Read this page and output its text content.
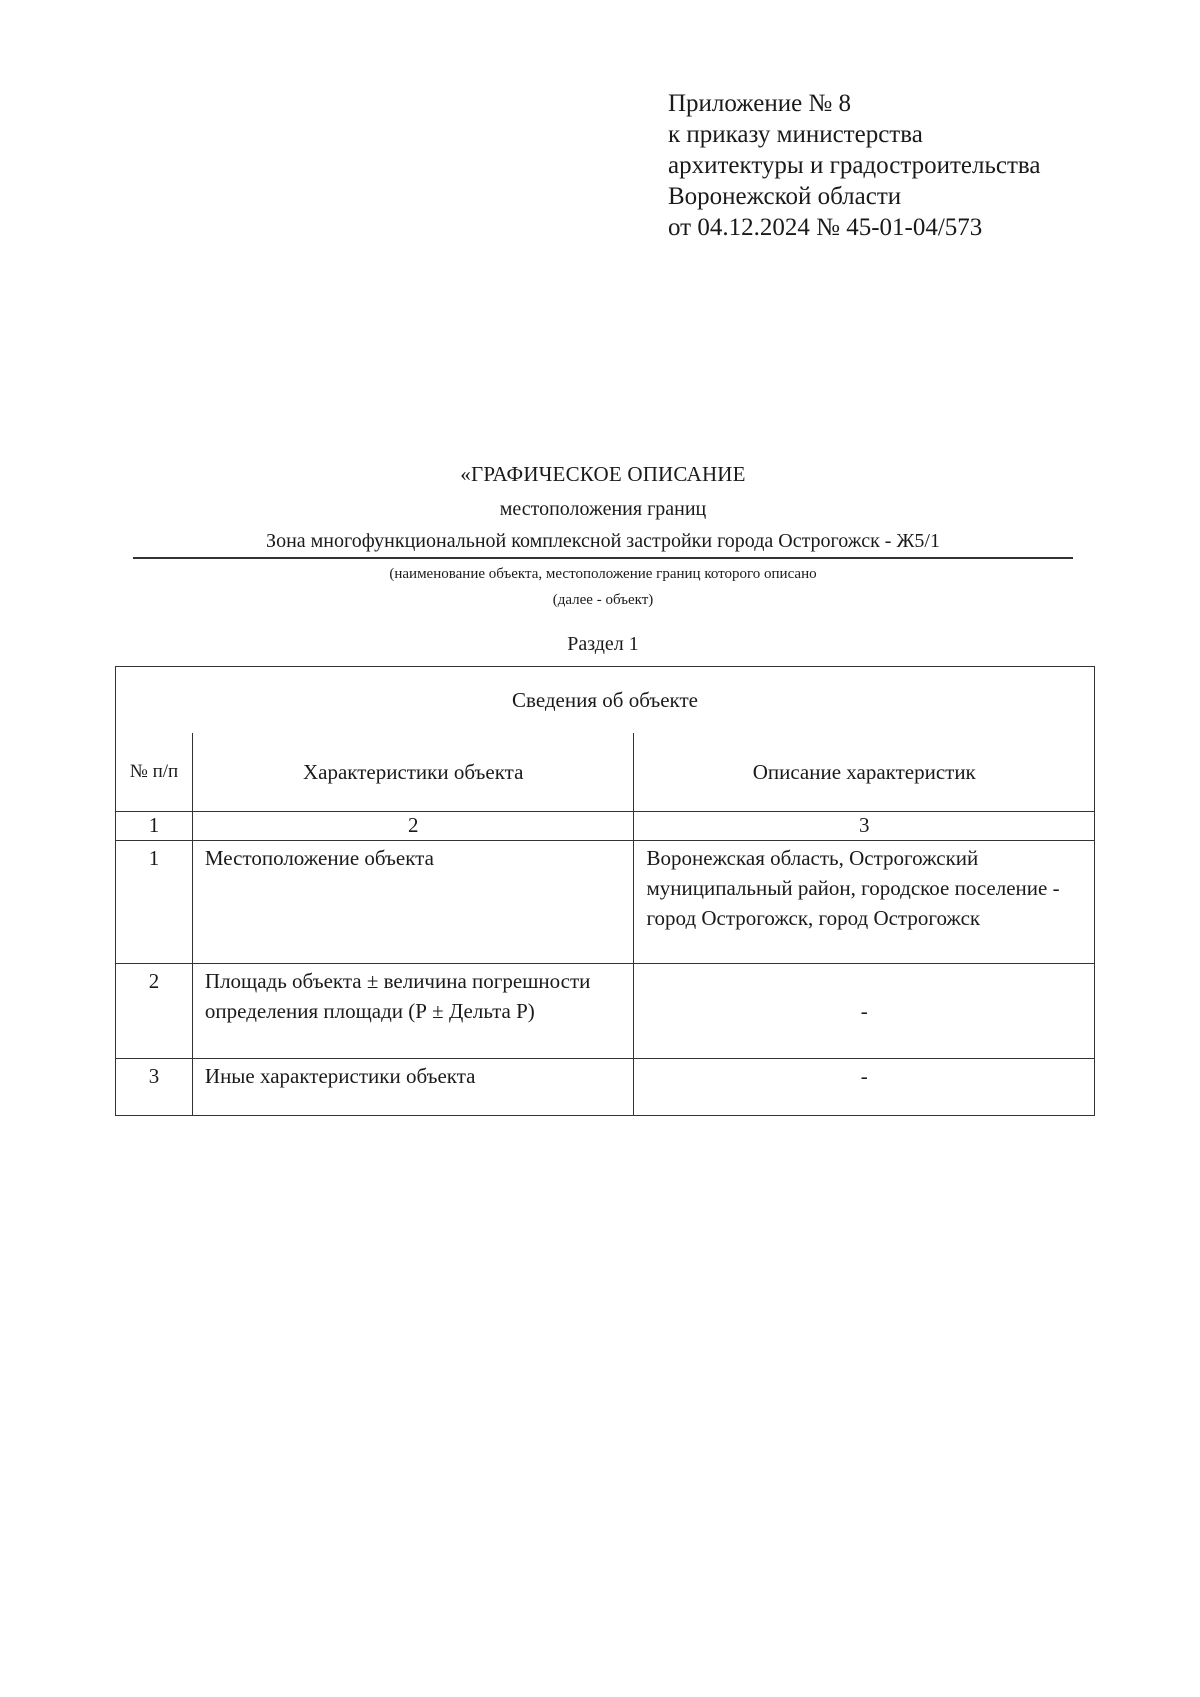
Приложение № 8
к приказу министерства
архитектуры и градостроительства
Воронежской области
от 04.12.2024 № 45-01-04/573
«ГРАФИЧЕСКОЕ ОПИСАНИЕ
местоположения границ
Зона многофункциональной комплексной застройки города Острогожск - Ж5/1
(наименование объекта, местоположение границ которого описано
(далее - объект)
Раздел 1
Сведения об объекте		
№ п/п	Характеристики объекта	Описание характеристик
1	2	3
1	Местоположение объекта	Воронежская область, Острогожский муниципальный район, городское поселение - город Острогожск, город Острогожск
2	Площадь объекта ± величина погрешности определения площади (Р ± Дельта Р)	-
3	Иные характеристики объекта	-
